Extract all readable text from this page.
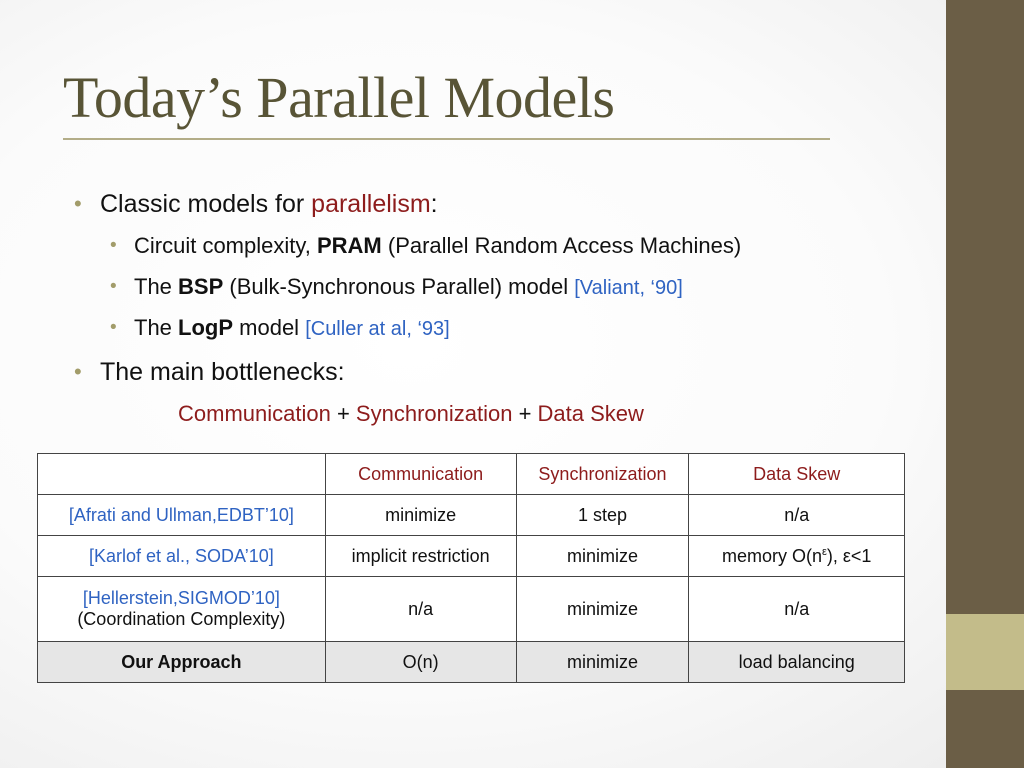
Today’s Parallel Models
• Classic models for parallelism:
• Circuit complexity, PRAM (Parallel Random Access Machines)
• The BSP (Bulk-Synchronous Parallel) model [Valiant, ‘90]
• The LogP model [Culler at al, ‘93]
• The main bottlenecks:
Communication + Synchronization + Data Skew
	Communication	Synchronization	Data Skew
[Afrati and Ullman,EDBT’10]	minimize	1 step	n/a
[Karlof et al., SODA’10]	implicit restriction	minimize	memory $O(n^\varepsilon)$, ε<1
[Hellerstein,SIGMOD’10]
(Coordination Complexity)	n/a	minimize	n/a
Our Approach	O(n)	minimize	load balancing
